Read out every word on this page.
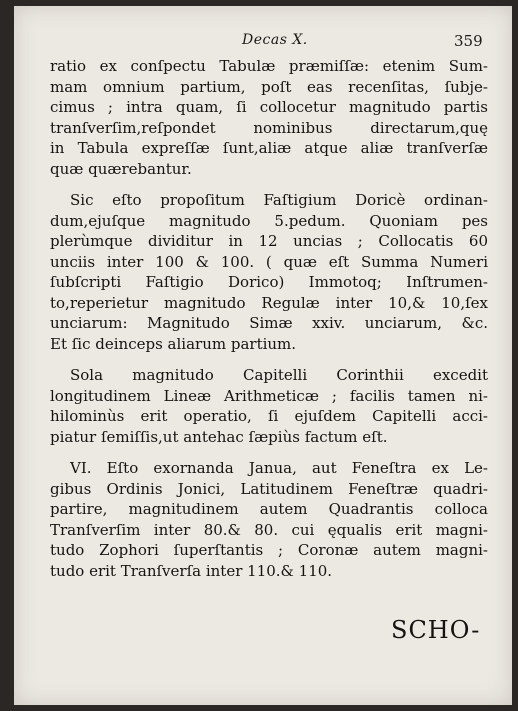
Decas X.	359
ratio ex conſpectu Tabulæ præmiſſæ: etenim Sum-
mam omnium partium, poſt eas recenſitas, ſubje-
cimus ; intra quam, ſi collocetur magnitudo partis
tranſverſim,reſpondet nominibus directarum,quę
in Tabula expreſſæ ſunt,aliæ atque aliæ tranſverſæ
quæ quærebantur.
Sic eſto propoſitum Faſtigium Doricè ordinan-
dum,ejuſque magnitudo 5.pedum. Quoniam pes
plerùmque dividitur in 12 uncias ; Collocatis 60
unciis inter 100 & 100. ( quæ eſt Summa Numeri
ſubſcripti Faſtigio Dorico) Immotoq; Inſtrumen-
to,reperietur magnitudo Regulæ inter 10,& 10,ſex
unciarum: Magnitudo Simæ xxiv. unciarum, &c.
Et ſic deinceps aliarum partium.
Sola magnitudo Capitelli Corinthii excedit
longitudinem Lineæ Arithmeticæ ; facilis tamen ni-
hilominùs erit operatio, ſi ejuſdem Capitelli acci-
piatur ſemiſſis,ut antehac ſæpiùs factum eſt.
VI. Eſto exornanda Janua, aut Feneſtra ex Le-
gibus Ordinis Jonici, Latitudinem Feneſtræ quadri-
partire, magnitudinem autem Quadrantis colloca
Tranſverſim inter 80.& 80. cui ęqualis erit magni-
tudo Zophori ſuperſtantis ; Coronæ autem magni-
tudo erit Tranſverſa inter 110.& 110.
SCHO-
